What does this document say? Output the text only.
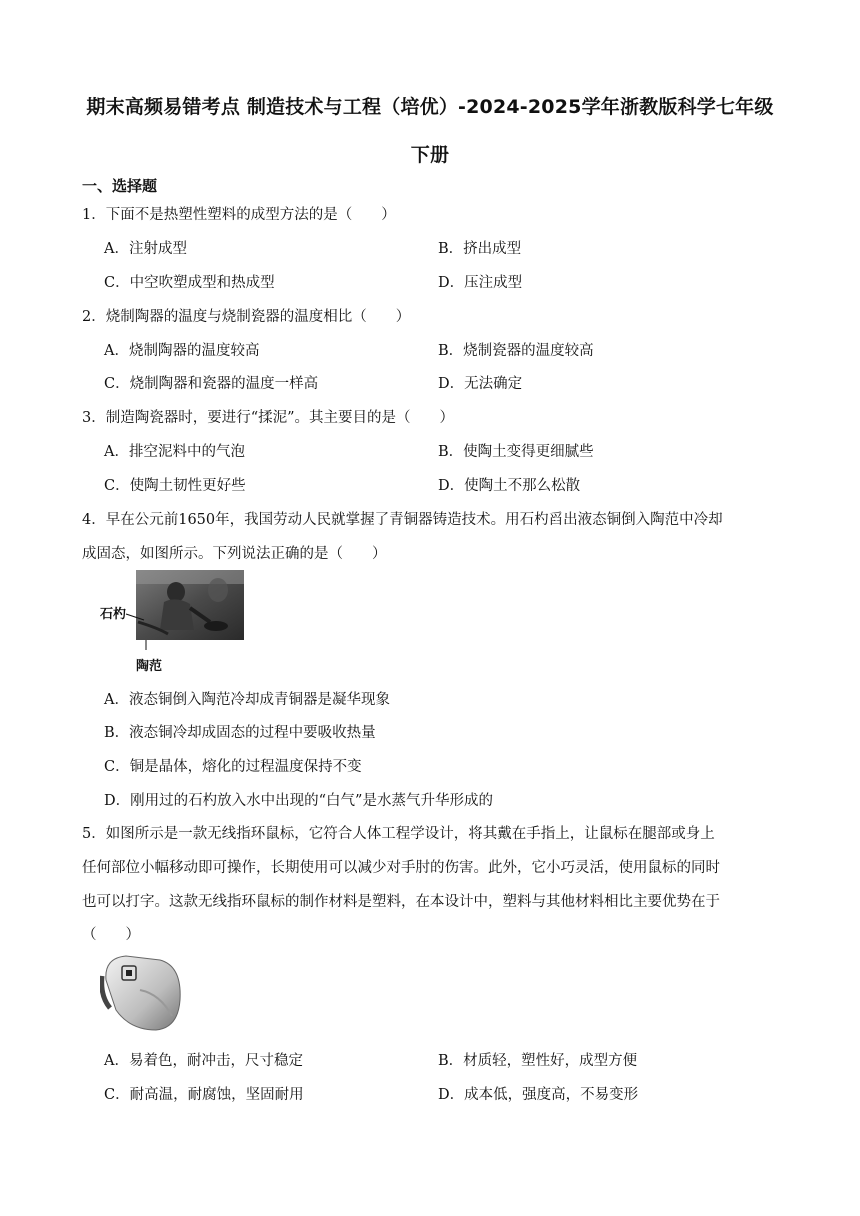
期末高频易错考点 制造技术与工程（培优）-2024-2025学年浙教版科学七年级
下册
一、选择题
1．下面不是热塑性塑料的成型方法的是（　　）
A．注射成型	B．挤出成型
C．中空吹塑成型和热成型	D．压注成型
2．烧制陶器的温度与烧制瓷器的温度相比（　　）
A．烧制陶器的温度较高	B．烧制瓷器的温度较高
C．烧制陶器和瓷器的温度一样高	D．无法确定
3．制造陶瓷器时，要进行“揉泥”。其主要目的是（　　）
A．排空泥料中的气泡	B．使陶土变得更细腻些
C．使陶土韧性更好些	D．使陶土不那么松散
4．早在公元前1650年，我国劳动人民就掌握了青铜器铸造技术。用石杓舀出液态铜倒入陶范中冷却
成固态，如图所示。下列说法正确的是（　　）
石杓
陶范
A．液态铜倒入陶范冷却成青铜器是凝华现象
B．液态铜冷却成固态的过程中要吸收热量
C．铜是晶体，熔化的过程温度保持不变
D．刚用过的石杓放入水中出现的“白气”是水蒸气升华形成的
5．如图所示是一款无线指环鼠标，它符合人体工程学设计，将其戴在手指上，让鼠标在腿部或身上
任何部位小幅移动即可操作，长期使用可以减少对手肘的伤害。此外，它小巧灵活，使用鼠标的同时
也可以打字。这款无线指环鼠标的制作材料是塑料，在本设计中，塑料与其他材料相比主要优势在于
（　　）
A．易着色，耐冲击，尺寸稳定	B．材质轻，塑性好，成型方便
C．耐高温，耐腐蚀，坚固耐用	D．成本低，强度高，不易变形
